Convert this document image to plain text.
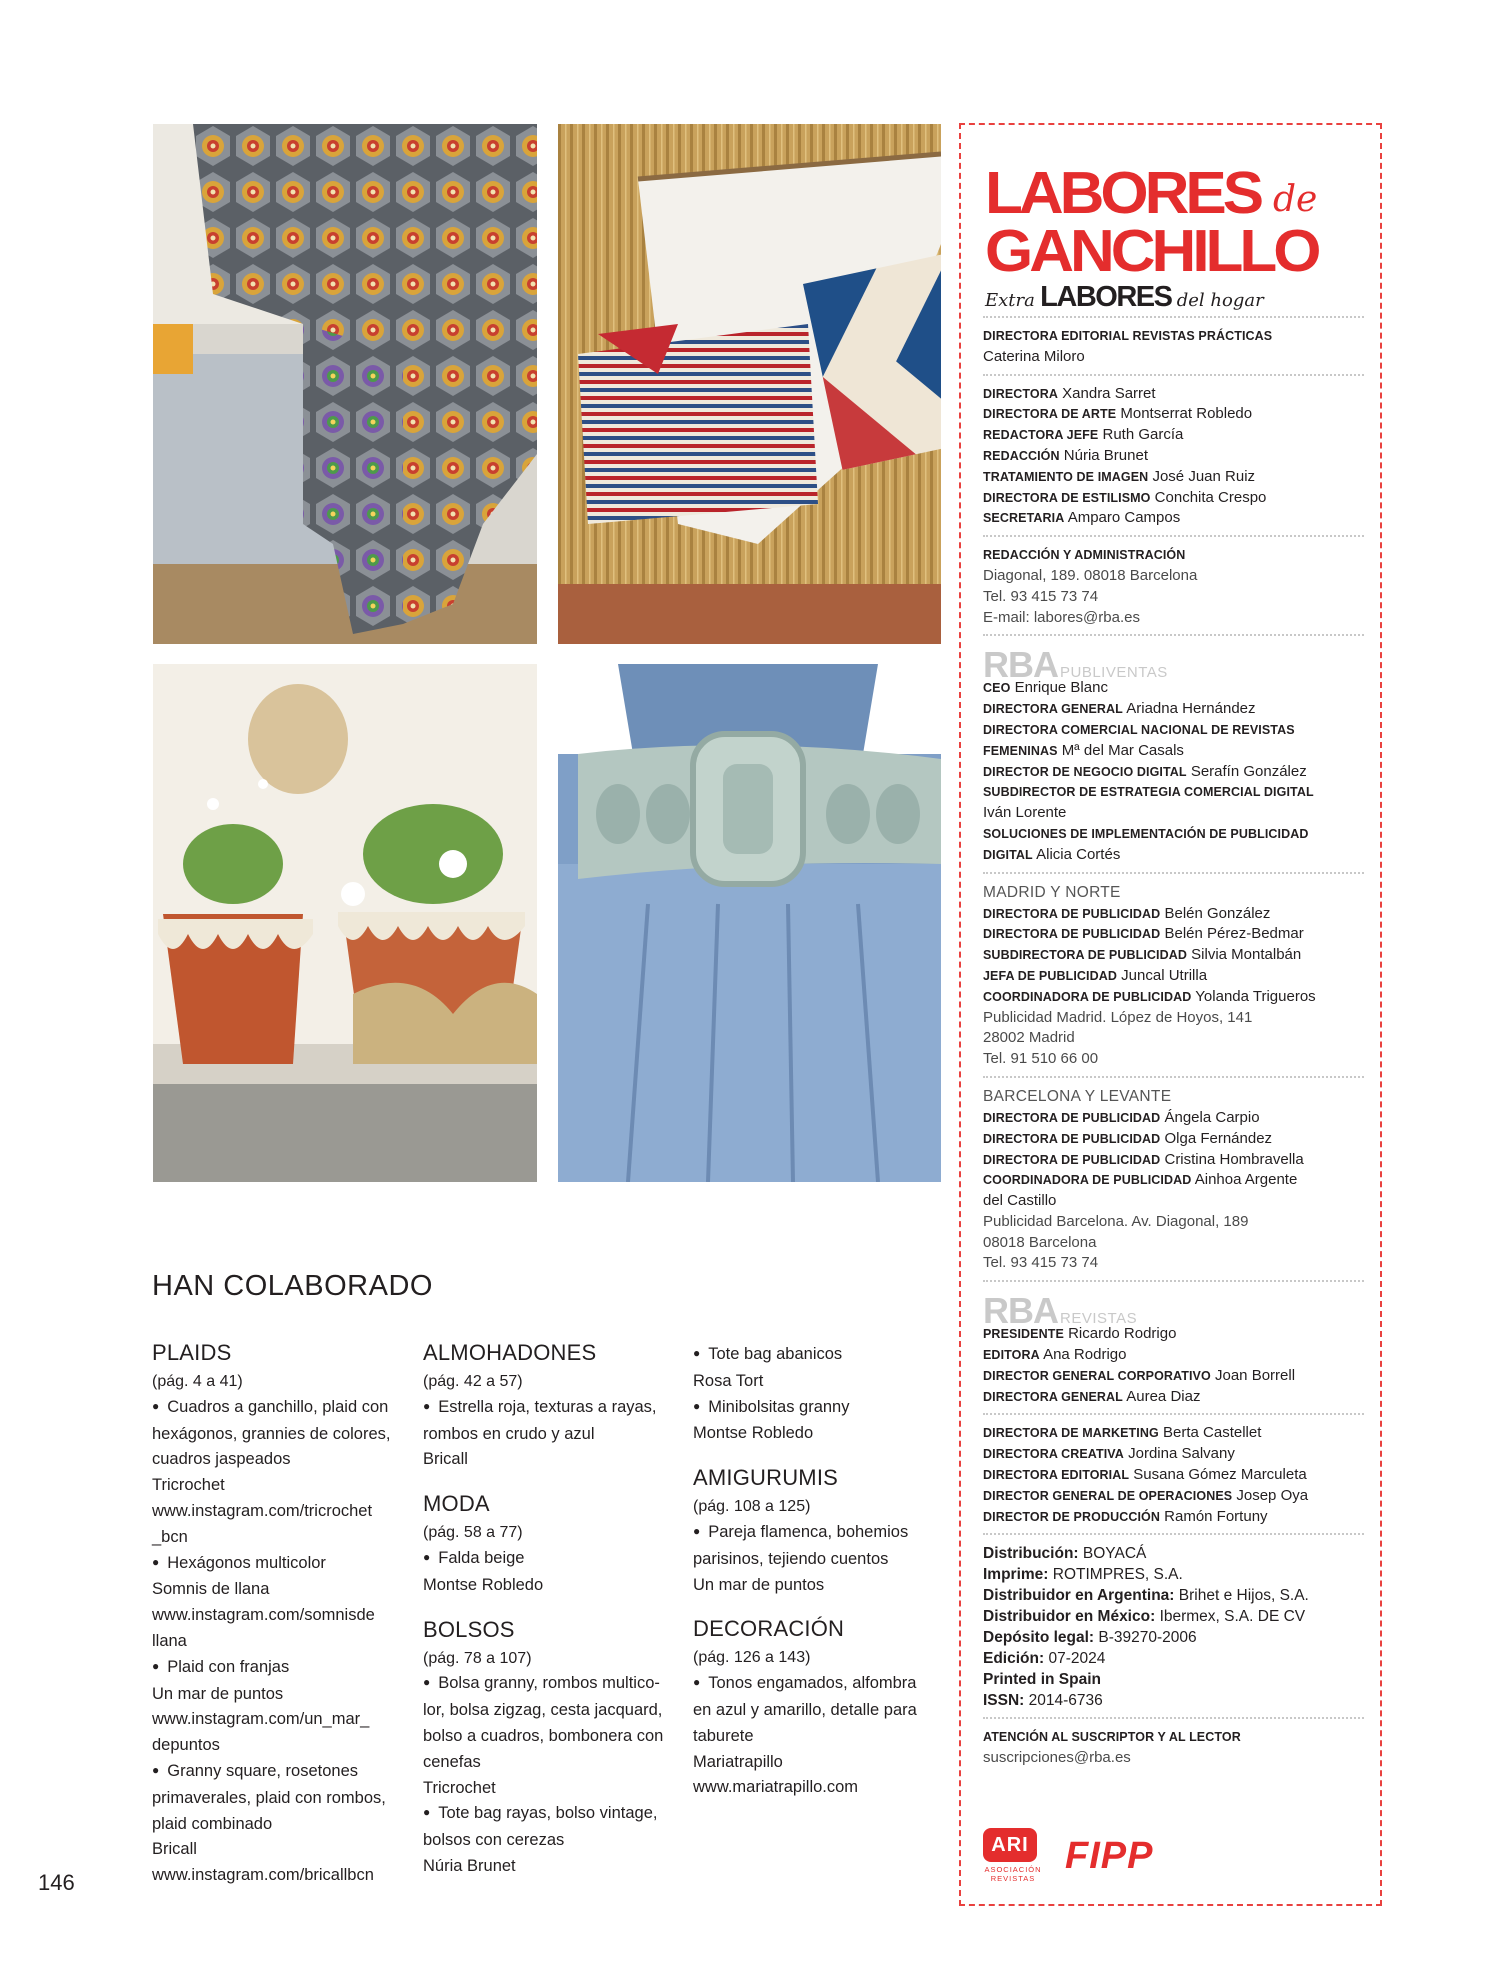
HAN COLABORADO
PLAIDS
(pág. 4 a 41)
● Cuadros a ganchillo, plaid con
hexágonos, grannies de colores,
cuadros jaspeados
Tricrochet
www.instagram.com/tricrochet
_bcn
● Hexágonos multicolor
Somnis de llana
www.instagram.com/somnisde
llana
● Plaid con franjas
Un mar de puntos
www.instagram.com/un_mar_
depuntos
● Granny square, rosetones
primaverales, plaid con rombos,
plaid combinado
Bricall
www.instagram.com/bricallbcn
ALMOHADONES
(pág. 42 a 57)
● Estrella roja, texturas a rayas,
rombos en crudo y azul
Bricall
MODA
(pág. 58 a 77)
● Falda beige
Montse Robledo
BOLSOS
(pág. 78 a 107)
● Bolsa granny, rombos multico-
lor, bolsa zigzag, cesta jacquard,
bolso a cuadros, bombonera con
cenefas
Tricrochet
● Tote bag rayas, bolso vintage,
bolsos con cerezas
Núria Brunet
● Tote bag abanicos
Rosa Tort
● Minibolsitas granny
Montse Robledo
AMIGURUMIS
(pág. 108 a 125)
● Pareja flamenca, bohemios
parisinos, tejiendo cuentos
Un mar de puntos
DECORACIÓN
(pág. 126 a 143)
● Tonos engamados, alfombra
en azul y amarillo, detalle para
taburete
Mariatrapillo
www.mariatrapillo.com
146
LABORES de
GANCHILLO
Extra LABORES del hogar
DIRECTORA EDITORIAL REVISTAS PRÁCTICAS
Caterina Miloro
DIRECTORA Xandra Sarret
DIRECTORA DE ARTE Montserrat Robledo
REDACTORA JEFE Ruth García
REDACCIÓN Núria Brunet
TRATAMIENTO DE IMAGEN José Juan Ruiz
DIRECTORA DE ESTILISMO Conchita Crespo
SECRETARIA Amparo Campos
REDACCIÓN Y ADMINISTRACIÓN
Diagonal, 189. 08018 Barcelona
Tel. 93 415 73 74
E-mail: labores@rba.es
RBA PUBLIVENTAS
CEO Enrique Blanc
DIRECTORA GENERAL Ariadna Hernández
DIRECTORA COMERCIAL NACIONAL DE REVISTAS
FEMENINAS Mª del Mar Casals
DIRECTOR DE NEGOCIO DIGITAL Serafín González
SUBDIRECTOR DE ESTRATEGIA COMERCIAL DIGITAL
Iván Lorente
SOLUCIONES DE IMPLEMENTACIÓN DE PUBLICIDAD
DIGITAL Alicia Cortés
MADRID Y NORTE
DIRECTORA DE PUBLICIDAD Belén González
DIRECTORA DE PUBLICIDAD Belén Pérez-Bedmar
SUBDIRECTORA DE PUBLICIDAD Silvia Montalbán
JEFA DE PUBLICIDAD Juncal Utrilla
COORDINADORA DE PUBLICIDAD Yolanda Trigueros
Publicidad Madrid. López de Hoyos, 141
28002 Madrid
Tel. 91 510 66 00
BARCELONA Y LEVANTE
DIRECTORA DE PUBLICIDAD Ángela Carpio
DIRECTORA DE PUBLICIDAD Olga Fernández
DIRECTORA DE PUBLICIDAD Cristina Hombravella
COORDINADORA DE PUBLICIDAD Ainhoa Argente
del Castillo
Publicidad Barcelona. Av. Diagonal, 189
08018 Barcelona
Tel. 93 415 73 74
RBA REVISTAS
PRESIDENTE Ricardo Rodrigo
EDITORA Ana Rodrigo
DIRECTOR GENERAL CORPORATIVO Joan Borrell
DIRECTORA GENERAL Aurea Diaz
DIRECTORA DE MARKETING Berta Castellet
DIRECTORA CREATIVA Jordina Salvany
DIRECTORA EDITORIAL Susana Gómez Marculeta
DIRECTOR GENERAL DE OPERACIONES Josep Oya
DIRECTOR DE PRODUCCIÓN Ramón Fortuny
Distribución: BOYACÁ
Imprime: ROTIMPRES, S.A.
Distribuidor en Argentina: Brihet e Hijos, S.A.
Distribuidor en México: Ibermex, S.A. DE CV
Depósito legal: B-39270-2006
Edición: 07-2024
Printed in Spain
ISSN: 2014-6736
ATENCIÓN AL SUSCRIPTOR Y AL LECTOR
suscripciones@rba.es
ARI
ASOCIACIÓN REVISTAS
FIPP
